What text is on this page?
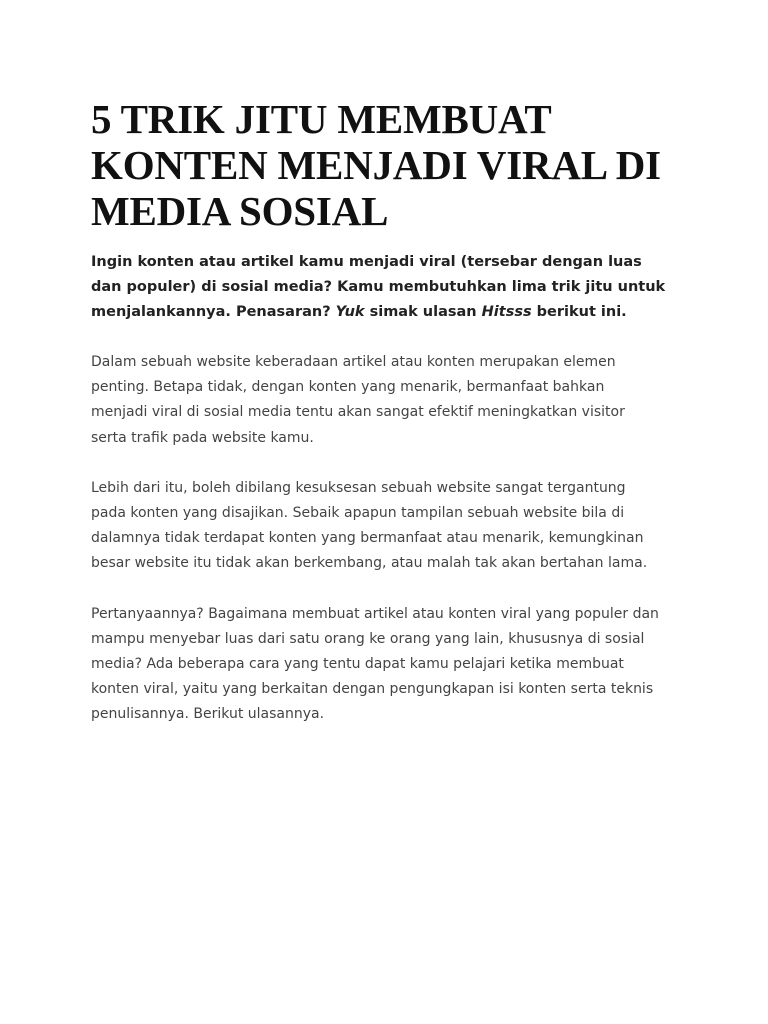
5 TRIK JITU MEMBUAT
KONTEN MENJADI VIRAL DI
MEDIA SOSIAL

Ingin konten atau artikel kamu menjadi viral (tersebar dengan luas
dan populer) di sosial media? Kamu membutuhkan lima trik jitu untuk
menjalankannya. Penasaran? Yuk simak ulasan Hitsss berikut ini.

Dalam sebuah website keberadaan artikel atau konten merupakan elemen
penting. Betapa tidak, dengan konten yang menarik, bermanfaat bahkan
menjadi viral di sosial media tentu akan sangat efektif meningkatkan visitor
serta trafik pada website kamu.

Lebih dari itu, boleh dibilang kesuksesan sebuah website sangat tergantung
pada konten yang disajikan. Sebaik apapun tampilan sebuah website bila di
dalamnya tidak terdapat konten yang bermanfaat atau menarik, kemungkinan
besar website itu tidak akan berkembang, atau malah tak akan bertahan lama.

Pertanyaannya? Bagaimana membuat artikel atau konten viral yang populer dan
mampu menyebar luas dari satu orang ke orang yang lain, khususnya di sosial
media? Ada beberapa cara yang tentu dapat kamu pelajari ketika membuat
konten viral, yaitu yang berkaitan dengan pengungkapan isi konten serta teknis
penulisannya. Berikut ulasannya.
